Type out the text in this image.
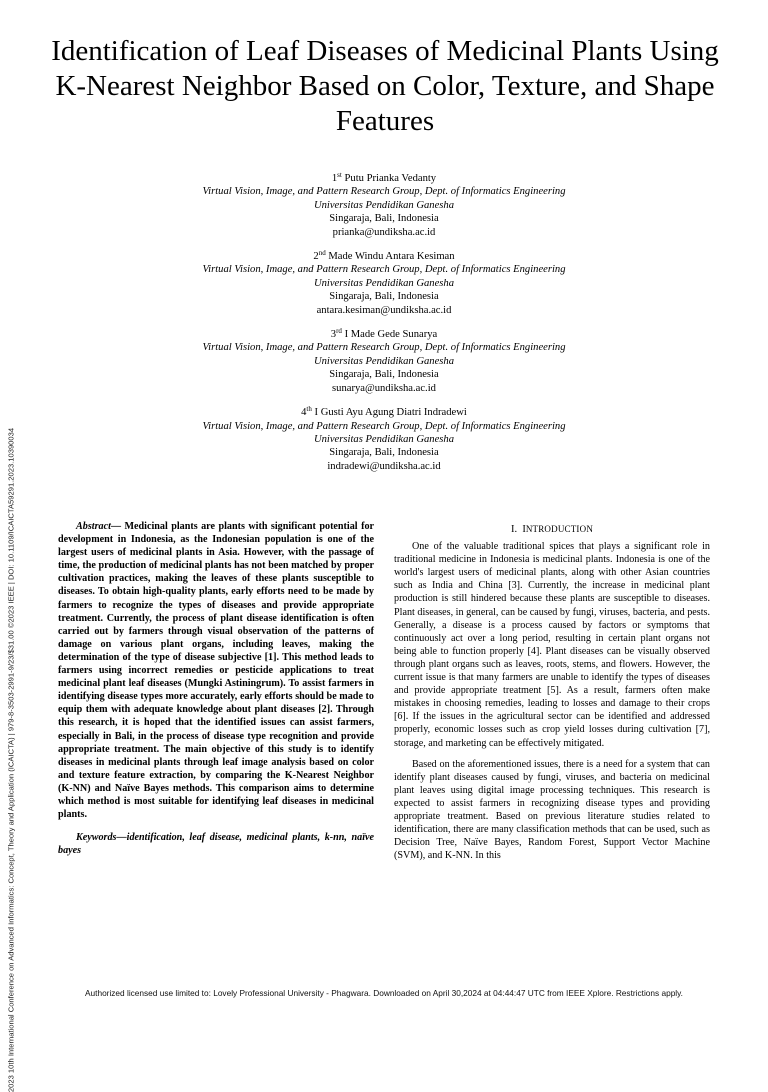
2023 10th International Conference on Advanced Informatics: Concept, Theory and Application (ICAICTA) | 979-8-3503-2991-9/23/$31.00 ©2023 IEEE | DOI: 10.1109/ICAICTA59291.2023.10390034
Identification of Leaf Diseases of Medicinal Plants Using K-Nearest Neighbor Based on Color, Texture, and Shape Features
1st Putu Prianka Vedanty
Virtual Vision, Image, and Pattern Research Group, Dept. of Informatics Engineering
Universitas Pendidikan Ganesha
Singaraja, Bali, Indonesia
prianka@undiksha.ac.id
2nd Made Windu Antara Kesiman
Virtual Vision, Image, and Pattern Research Group, Dept. of Informatics Engineering
Universitas Pendidikan Ganesha
Singaraja, Bali, Indonesia
antara.kesiman@undiksha.ac.id
3rd I Made Gede Sunarya
Virtual Vision, Image, and Pattern Research Group, Dept. of Informatics Engineering
Universitas Pendidikan Ganesha
Singaraja, Bali, Indonesia
sunarya@undiksha.ac.id
4th I Gusti Ayu Agung Diatri Indradewi
Virtual Vision, Image, and Pattern Research Group, Dept. of Informatics Engineering
Universitas Pendidikan Ganesha
Singaraja, Bali, Indonesia
indradewi@undiksha.ac.id

Abstract— Medicinal plants are plants with significant potential for development in Indonesia, as the Indonesian population is one of the largest users of medicinal plants in Asia. However, with the passage of time, the production of medicinal plants has not been matched by proper cultivation practices, making the leaves of these plants susceptible to diseases. To obtain high-quality plants, early efforts need to be made by farmers to recognize the types of diseases and provide appropriate treatment. Currently, the process of plant disease identification is often carried out by farmers through visual observation of the patterns of damage on various plant organs, including leaves, making the determination of the type of disease subjective [1]. This method leads to farmers using incorrect remedies or pesticide applications to treat medicinal plant leaf diseases (Mungki Astiningrum). To assist farmers in identifying disease types more accurately, early efforts should be made to equip them with adequate knowledge about plant diseases [2]. Through this research, it is hoped that the identified issues can assist farmers, especially in Bali, in the process of disease type recognition and provide appropriate treatment. The main objective of this study is to identify diseases in medicinal plants through leaf image analysis based on color and texture feature extraction, by comparing the K-Nearest Neighbor (K-NN) and Naïve Bayes methods. This comparison aims to determine which method is most suitable for identifying leaf diseases in medicinal plants.

Keywords—identification, leaf disease, medicinal plants, k-nn, naïve bayes

I. INTRODUCTION

One of the valuable traditional spices that plays a significant role in traditional medicine in Indonesia is medicinal plants. Indonesia is one of the world's largest users of medicinal plants, along with other Asian countries such as India and China [3]. Currently, the increase in medicinal plant production is still hindered because these plants are susceptible to diseases. Plant diseases, in general, can be caused by fungi, viruses, bacteria, and pests. Generally, a disease is a process caused by factors or symptoms that continuously act over a long period, resulting in certain plant organs not being able to function properly [4]. Plant diseases can be visually observed through plant organs such as leaves, roots, stems, and flowers. However, the current issue is that many farmers are unable to identify the types of diseases and provide appropriate treatment [5]. As a result, farmers often make mistakes in choosing remedies, leading to losses and damage to their crops [6]. If the issues in the agricultural sector can be identified and addressed properly, economic losses such as crop yield losses during cultivation [7], storage, and marketing can be effectively mitigated.

Based on the aforementioned issues, there is a need for a system that can identify plant diseases caused by fungi, viruses, and bacteria on medicinal plant leaves using digital image processing techniques. This research is expected to assist farmers in recognizing disease types and providing appropriate treatment. Based on previous literature studies related to identification, there are many classification methods that can be used, such as Decision Tree, Naïve Bayes, Random Forest, Support Vector Machine (SVM), and K-NN. In this

Authorized licensed use limited to: Lovely Professional University - Phagwara. Downloaded on April 30,2024 at 04:44:47 UTC from IEEE Xplore. Restrictions apply.
